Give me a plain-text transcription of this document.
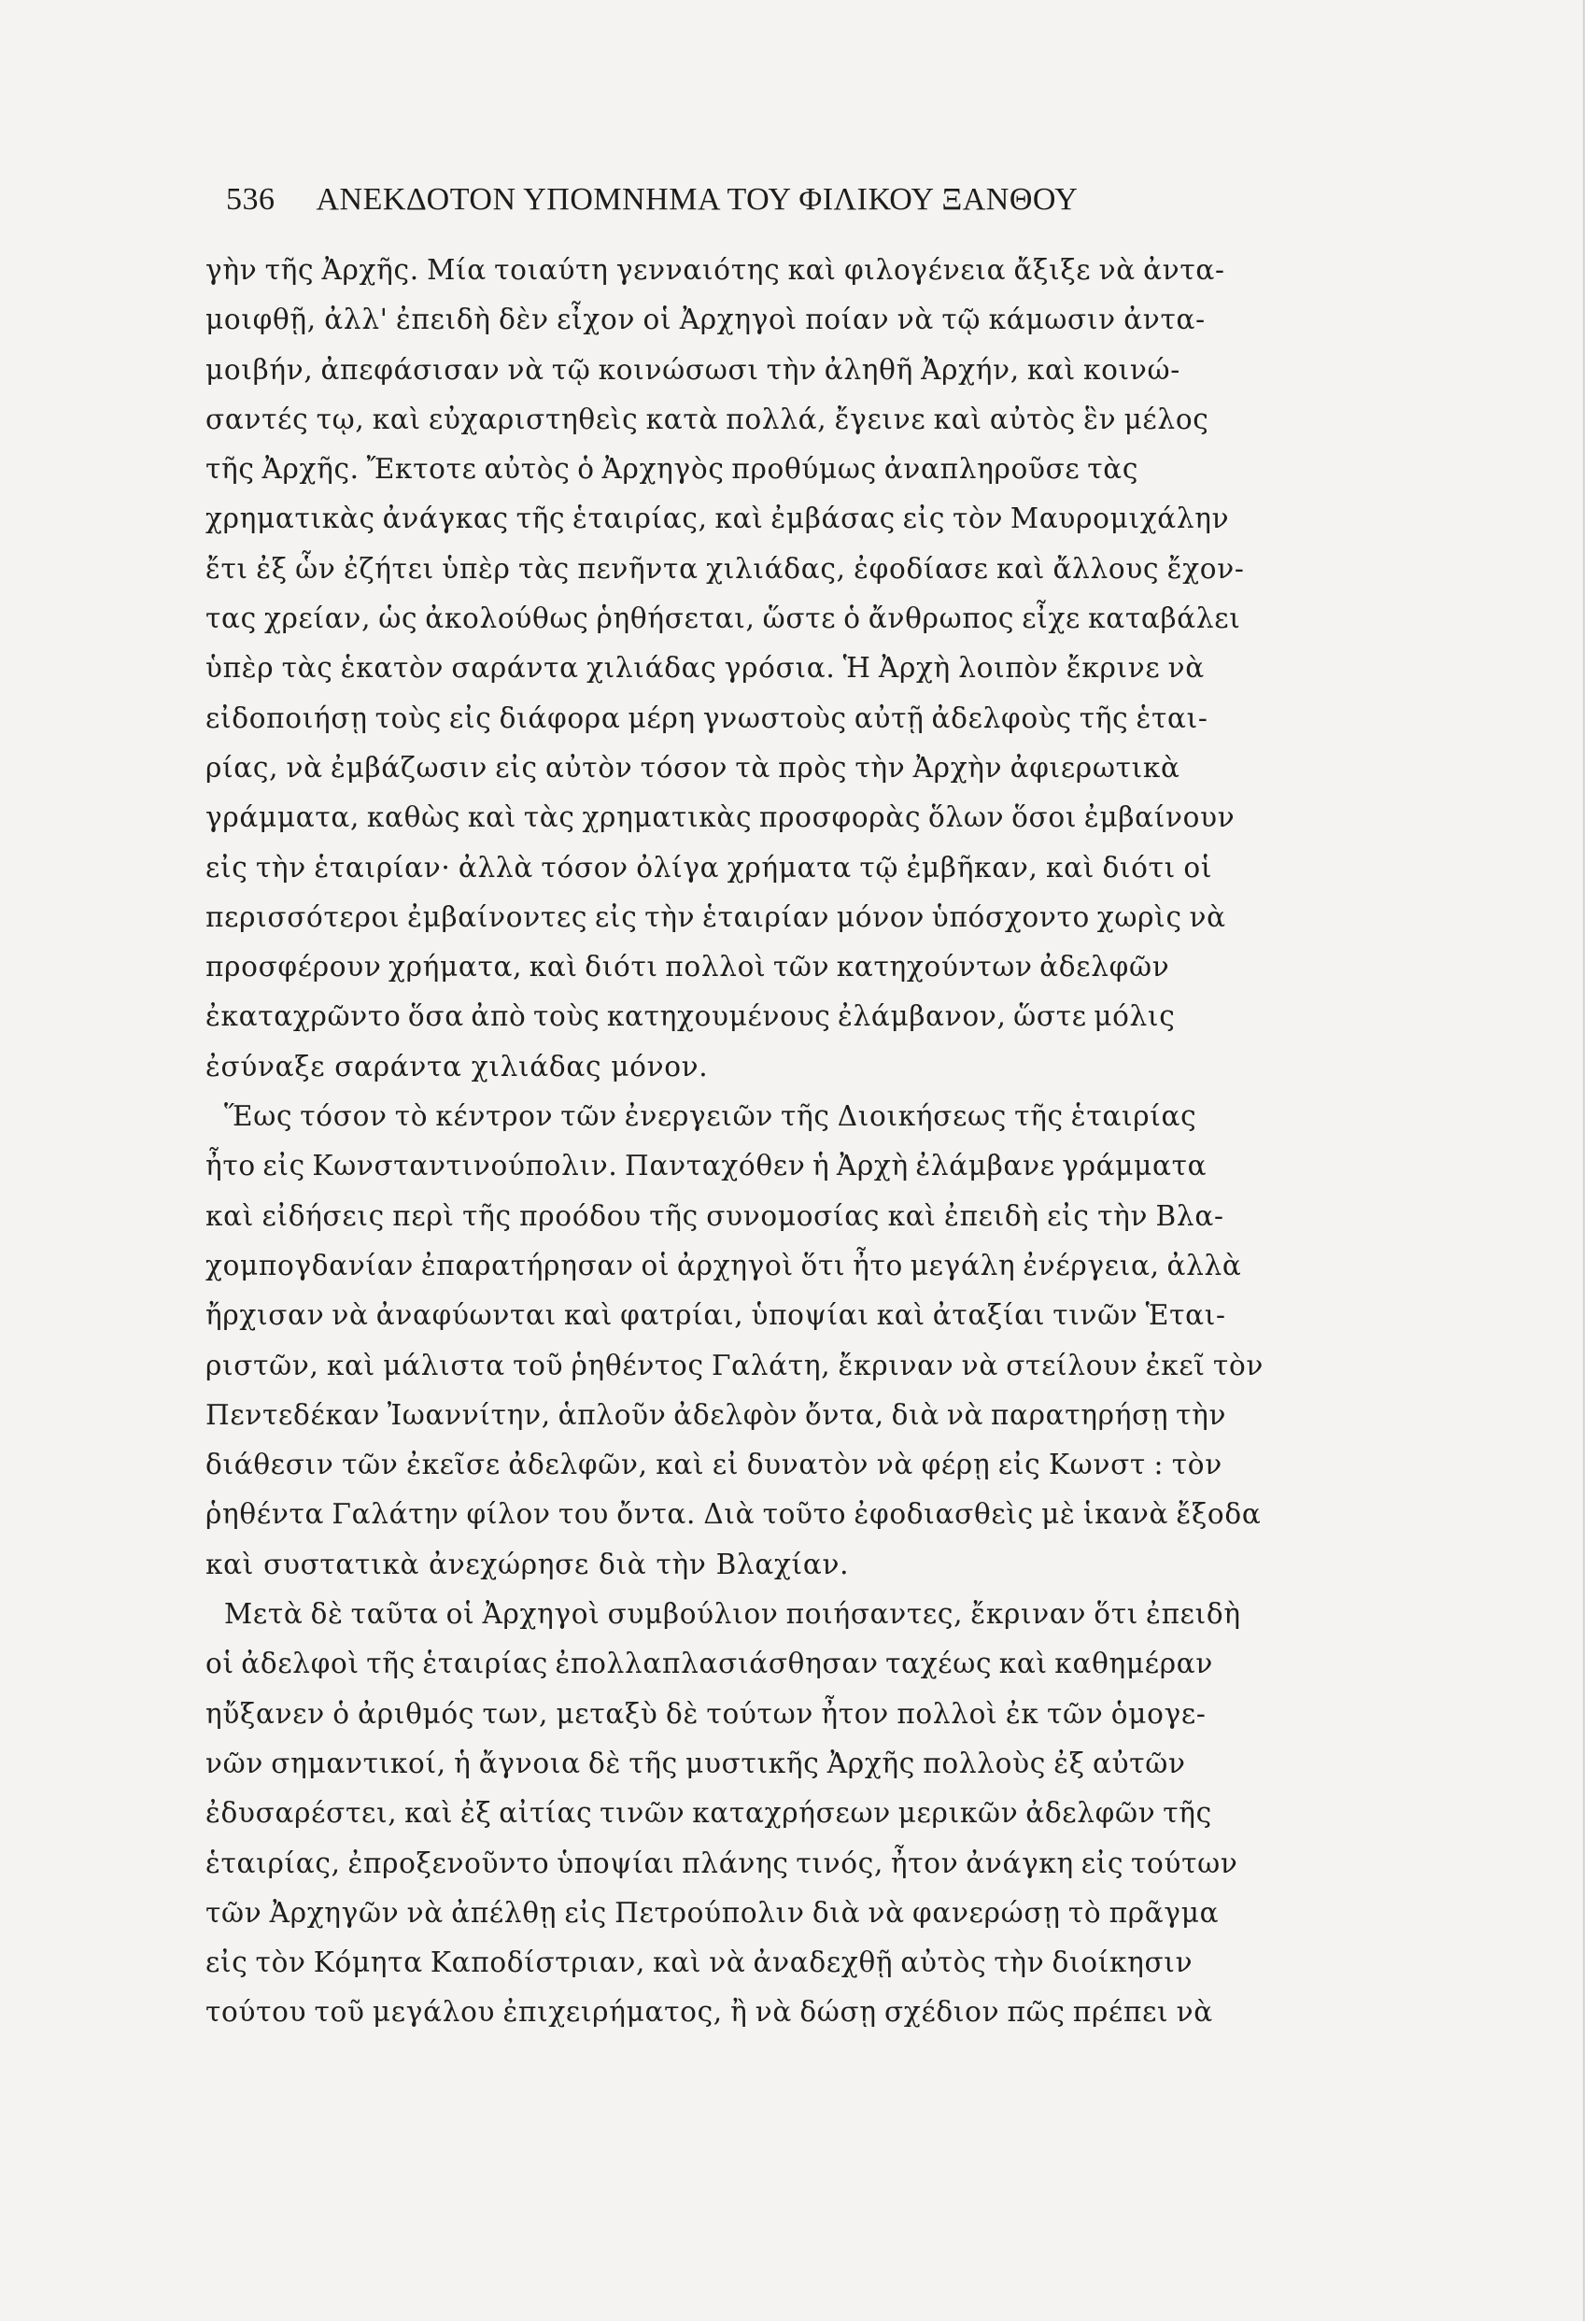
536 ΑΝΕΚΔΟΤΟΝ ΥΠΟΜΝΗΜΑ ΤΟΥ ΦΙΛΙΚΟΥ ΞΑΝΘΟΥ
γὴν τῆς Ἀρχῆς. Μία τοιαύτη γενναιότης καὶ φιλογένεια ἄξιξε νὰ ἀντα-
μοιφθῇ, ἀλλ' ἐπειδὴ δὲν εἶχον οἱ Ἀρχηγοὶ ποίαν νὰ τῷ κάμωσιν ἀντα-
μοιβήν, ἀπεφάσισαν νὰ τῷ κοινώσωσι τὴν ἀληθῆ Ἀρχήν, καὶ κοινώ-
σαντές τῳ, καὶ εὐχαριστηθεὶς κατὰ πολλά, ἔγεινε καὶ αὐτὸς ἓν μέλος
τῆς Ἀρχῆς. Ἔκτοτε αὐτὸς ὁ Ἀρχηγὸς προθύμως ἀναπληροῦσε τὰς
χρηματικὰς ἀνάγκας τῆς ἑταιρίας, καὶ ἐμβάσας εἰς τὸν Μαυρομιχάλην
ἔτι ἐξ ὧν ἐζήτει ὑπὲρ τὰς πενῆντα χιλιάδας, ἐφοδίασε καὶ ἄλλους ἔχον-
τας χρείαν, ὡς ἀκολούθως ῥηθήσεται, ὥστε ὁ ἄνθρωπος εἶχε καταβάλει
ὑπὲρ τὰς ἑκατὸν σαράντα χιλιάδας γρόσια. Ἡ Ἀρχὴ λοιπὸν ἔκρινε νὰ
εἰδοποιήσῃ τοὺς εἰς διάφορα μέρη γνωστοὺς αὐτῇ ἀδελφοὺς τῆς ἑται-
ρίας, νὰ ἐμβάζωσιν εἰς αὐτὸν τόσον τὰ πρὸς τὴν Ἀρχὴν ἀφιερωτικὰ
γράμματα, καθὼς καὶ τὰς χρηματικὰς προσφορὰς ὅλων ὅσοι ἐμβαίνουν
εἰς τὴν ἑταιρίαν· ἀλλὰ τόσον ὀλίγα χρήματα τῷ ἐμβῆκαν, καὶ διότι οἱ
περισσότεροι ἐμβαίνοντες εἰς τὴν ἑταιρίαν μόνον ὑπόσχοντο χωρὶς νὰ
προσφέρουν χρήματα, καὶ διότι πολλοὶ τῶν κατηχούντων ἀδελφῶν
ἐκαταχρῶντο ὅσα ἀπὸ τοὺς κατηχουμένους ἐλάμβανον, ὥστε μόλις
ἐσύναξε σαράντα χιλιάδας μόνον.
Ἕως τόσον τὸ κέντρον τῶν ἐνεργειῶν τῆς Διοικήσεως τῆς ἑταιρίας
ἦτο εἰς Κωνσταντινούπολιν. Πανταχόθεν ἡ Ἀρχὴ ἐλάμβανε γράμματα
καὶ εἰδήσεις περὶ τῆς προόδου τῆς συνομοσίας καὶ ἐπειδὴ εἰς τὴν Βλα-
χομπογδανίαν ἐπαρατήρησαν οἱ ἀρχηγοὶ ὅτι ἦτο μεγάλη ἐνέργεια, ἀλλὰ
ἤρχισαν νὰ ἀναφύωνται καὶ φατρίαι, ὑποψίαι καὶ ἀταξίαι τινῶν Ἑται-
ριστῶν, καὶ μάλιστα τοῦ ῥηθέντος Γαλάτη, ἔκριναν νὰ στείλουν ἐκεῖ τὸν
Πεντεδέκαν Ἰωαννίτην, ἁπλοῦν ἀδελφὸν ὄντα, διὰ νὰ παρατηρήσῃ τὴν
διάθεσιν τῶν ἐκεῖσε ἀδελφῶν, καὶ εἰ δυνατὸν νὰ φέρῃ εἰς Κωνστ : τὸν
ῥηθέντα Γαλάτην φίλον του ὄντα. Διὰ τοῦτο ἐφοδιασθεὶς μὲ ἱκανὰ ἔξοδα
καὶ συστατικὰ ἀνεχώρησε διὰ τὴν Βλαχίαν.
Μετὰ δὲ ταῦτα οἱ Ἀρχηγοὶ συμβούλιον ποιήσαντες, ἔκριναν ὅτι ἐπειδὴ
οἱ ἀδελφοὶ τῆς ἑταιρίας ἐπολλαπλασιάσθησαν ταχέως καὶ καθημέραν
ηὔξανεν ὁ ἀριθμός των, μεταξὺ δὲ τούτων ἦτον πολλοὶ ἐκ τῶν ὁμογε-
νῶν σημαντικοί, ἡ ἄγνοια δὲ τῆς μυστικῆς Ἀρχῆς πολλοὺς ἐξ αὐτῶν
ἐδυσαρέστει, καὶ ἐξ αἰτίας τινῶν καταχρήσεων μερικῶν ἀδελφῶν τῆς
ἑταιρίας, ἐπροξενοῦντο ὑποψίαι πλάνης τινός, ἦτον ἀνάγκη εἰς τούτων
τῶν Ἀρχηγῶν νὰ ἀπέλθῃ εἰς Πετρούπολιν διὰ νὰ φανερώσῃ τὸ πρᾶγμα
εἰς τὸν Κόμητα Καποδίστριαν, καὶ νὰ ἀναδεχθῇ αὐτὸς τὴν διοίκησιν
τούτου τοῦ μεγάλου ἐπιχειρήματος, ἢ νὰ δώσῃ σχέδιον πῶς πρέπει νὰ
